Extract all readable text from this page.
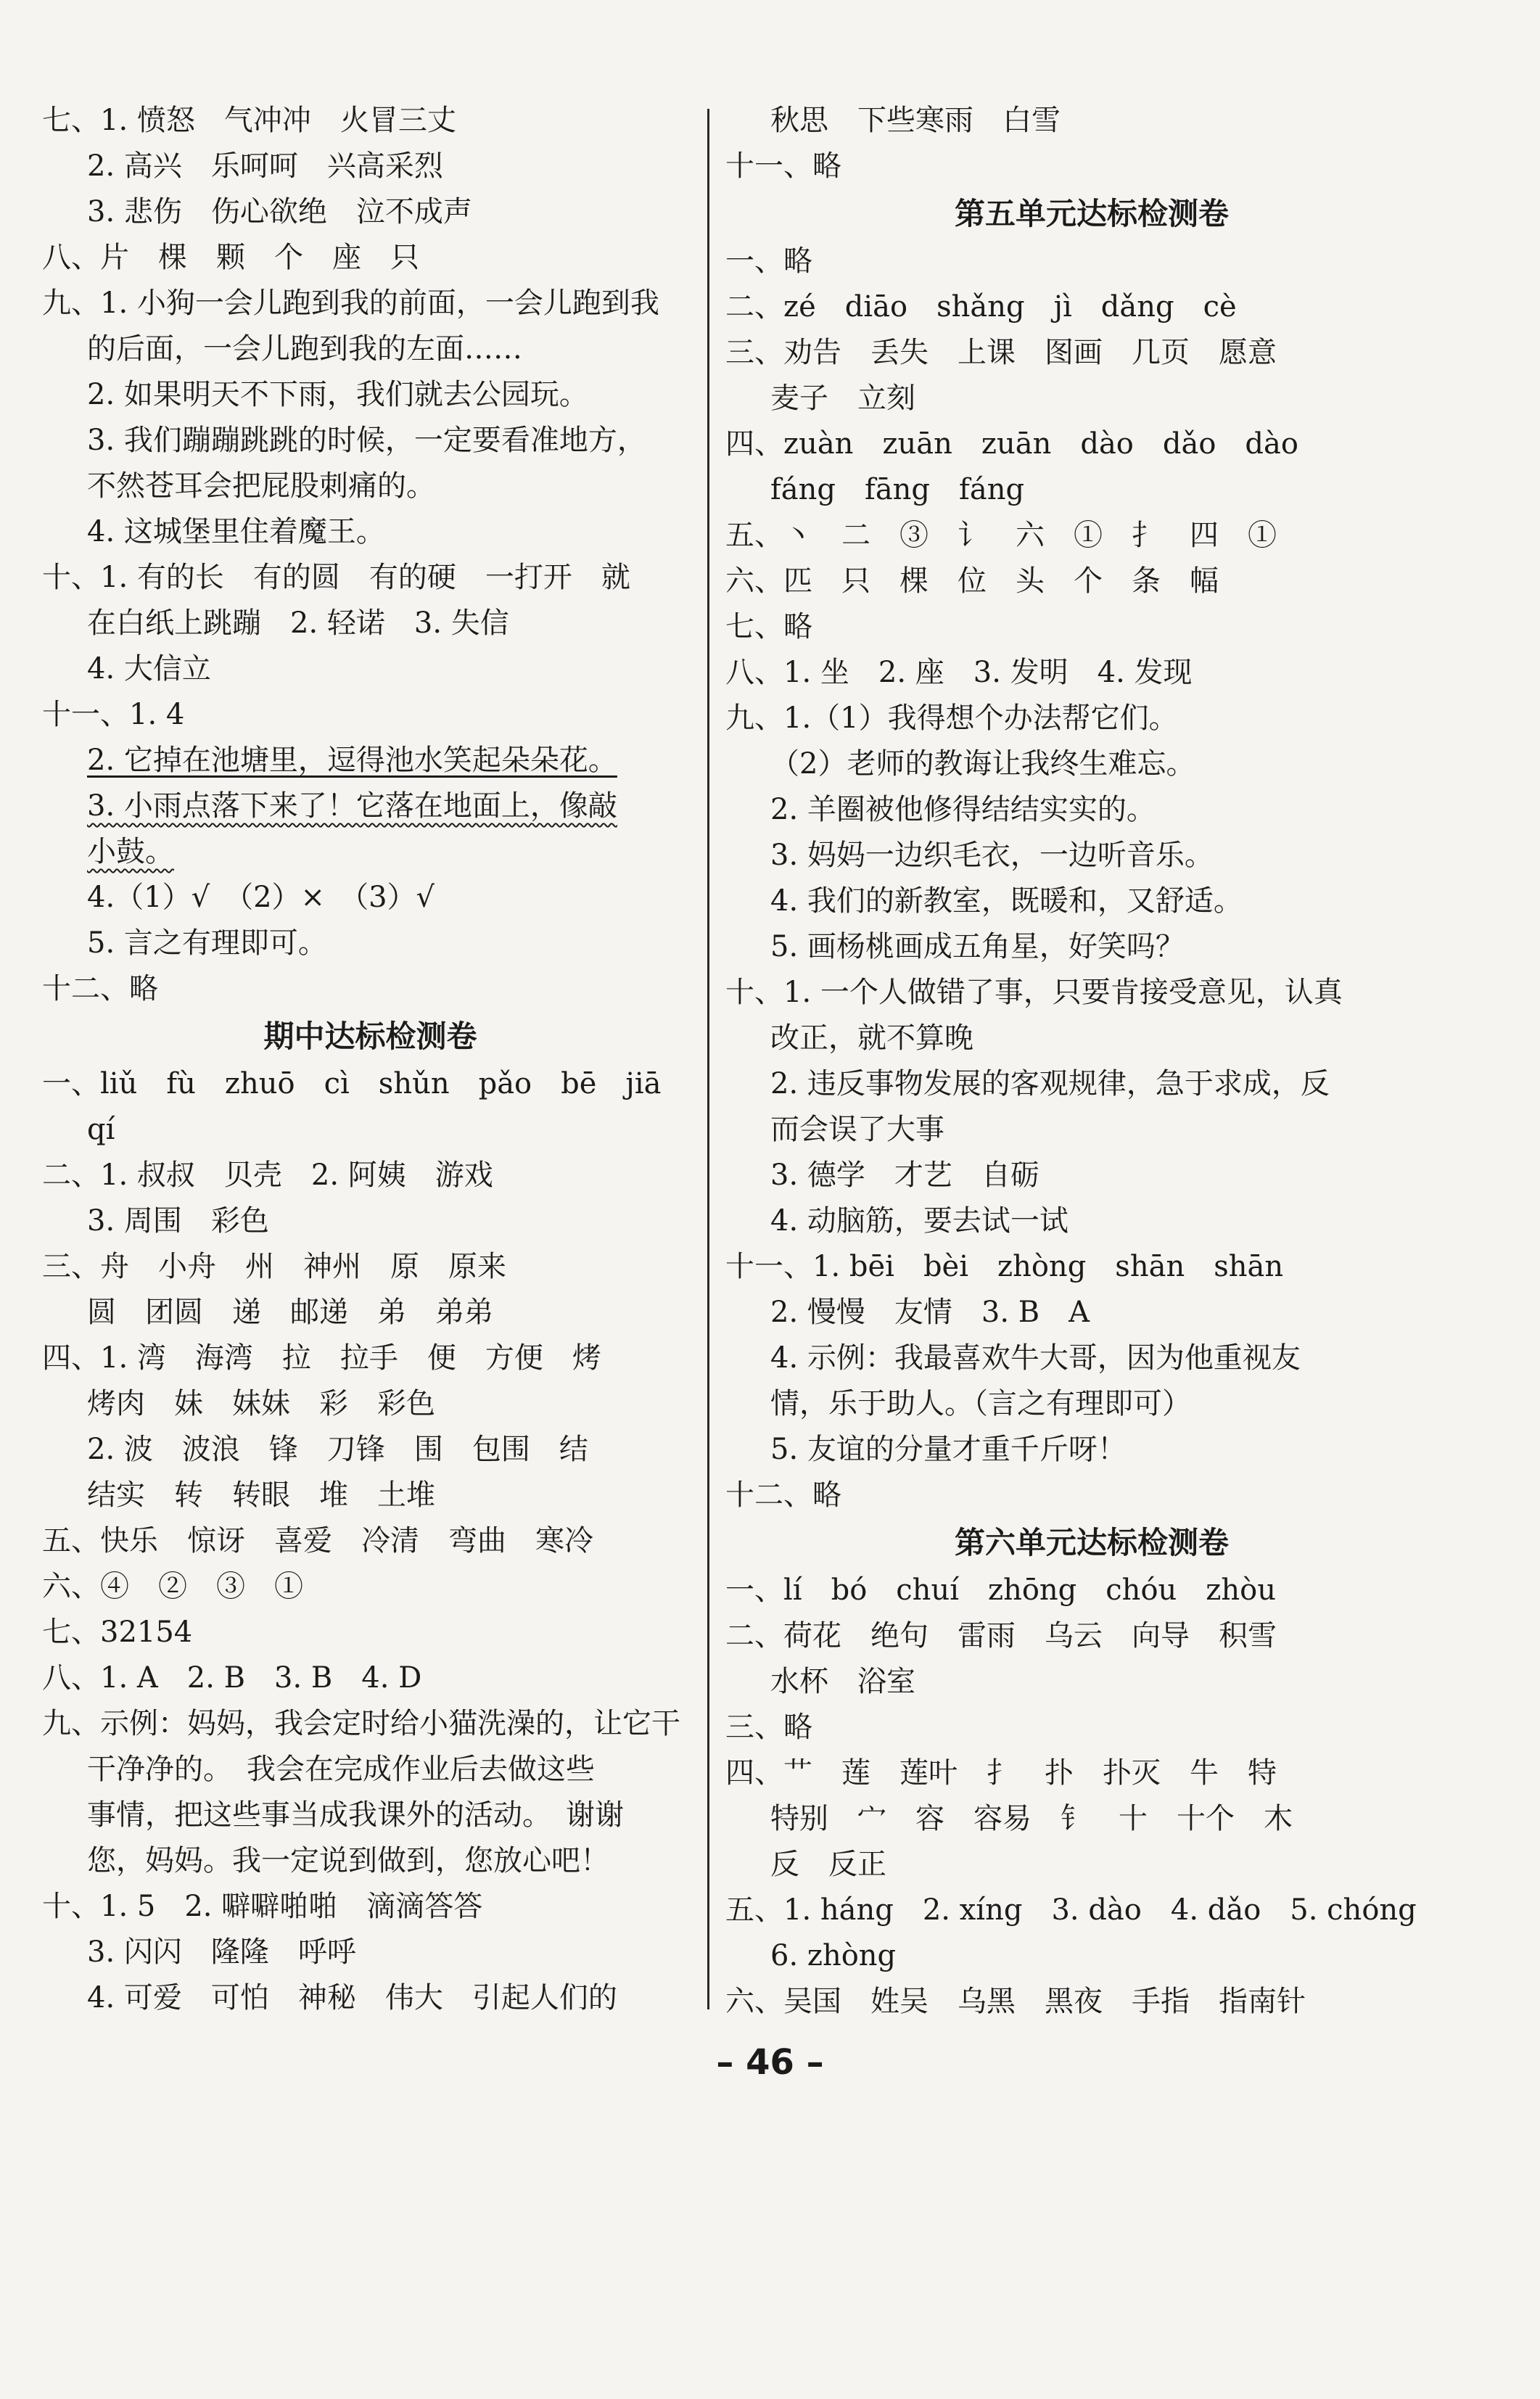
七、1. 愤怒　气冲冲　火冒三丈
2. 高兴　乐呵呵　兴高采烈
3. 悲伤　伤心欲绝　泣不成声
八、片　棵　颗　个　座　只
九、1. 小狗一会儿跑到我的前面，一会儿跑到我
的后面，一会儿跑到我的左面……
2. 如果明天不下雨，我们就去公园玩。
3. 我们蹦蹦跳跳的时候，一定要看准地方，
不然苍耳会把屁股刺痛的。
4. 这城堡里住着魔王。
十、1. 有的长　有的圆　有的硬　一打开　就
在白纸上跳蹦　2. 轻诺　3. 失信
4. 大信立
十一、1. 4
2. 它掉在池塘里，逗得池水笑起朵朵花。
3. 小雨点落下来了！它落在地面上，像敲
小鼓。
4.（1）√　（2）×　（3）√
5. 言之有理即可。
十二、略
期中达标检测卷
一、liǔ　fù　zhuō　cì　shǔn　pǎo　bē　jiā
qí
二、1. 叔叔　贝壳　2. 阿姨　游戏
3. 周围　彩色
三、舟　小舟　州　神州　原　原来
圆　团圆　递　邮递　弟　弟弟
四、1. 湾　海湾　拉　拉手　便　方便　烤
烤肉　妹　妹妹　彩　彩色
2. 波　波浪　锋　刀锋　围　包围　结
结实　转　转眼　堆　土堆
五、快乐　惊讶　喜爱　冷清　弯曲　寒冷
六、④　②　③　①
七、32154
八、1. A　2. B　3. B　4. D
九、示例：妈妈，我会定时给小猫洗澡的，让它干
干净净的。　我会在完成作业后去做这些
事情，把这些事当成我课外的活动。　谢谢
您，妈妈。我一定说到做到，您放心吧！
十、1. 5　2. 噼噼啪啪　滴滴答答
3. 闪闪　隆隆　呼呼
4. 可爱　可怕　神秘　伟大　引起人们的
秋思　下些寒雨　白雪
十一、略
第五单元达标检测卷
一、略
二、zé　diāo　shǎng　jì　dǎng　cè
三、劝告　丢失　上课　图画　几页　愿意
麦子　立刻
四、zuàn　zuān　zuān　dào　dǎo　dào
fáng　fāng　fáng
五、丶　二　③　讠　六　①　扌　四　①
六、匹　只　棵　位　头　个　条　幅
七、略
八、1. 坐　2. 座　3. 发明　4. 发现
九、1.（1）我得想个办法帮它们。
（2）老师的教诲让我终生难忘。
2. 羊圈被他修得结结实实的。
3. 妈妈一边织毛衣，一边听音乐。
4. 我们的新教室，既暖和，又舒适。
5. 画杨桃画成五角星，好笑吗？
十、1. 一个人做错了事，只要肯接受意见，认真
改正，就不算晚
2. 违反事物发展的客观规律，急于求成，反
而会误了大事
3. 德学　才艺　自砺
4. 动脑筋，要去试一试
十一、1. bēi　bèi　zhòng　shān　shān
2. 慢慢　友情　3. B　A
4. 示例：我最喜欢牛大哥，因为他重视友
情，乐于助人。（言之有理即可）
5. 友谊的分量才重千斤呀！
十二、略
第六单元达标检测卷
一、lí　bó　chuí　zhōng　chóu　zhòu
二、荷花　绝句　雷雨　乌云　向导　积雪
水杯　浴室
三、略
四、艹　莲　莲叶　扌　扑　扑灭　牛　特
特别　宀　容　容易　钅　十　十个　木
反　反正
五、1. háng　2. xíng　3. dào　4. dǎo　5. chóng
6. zhòng
六、吴国　姓吴　乌黑　黑夜　手指　指南针
– 46 –
